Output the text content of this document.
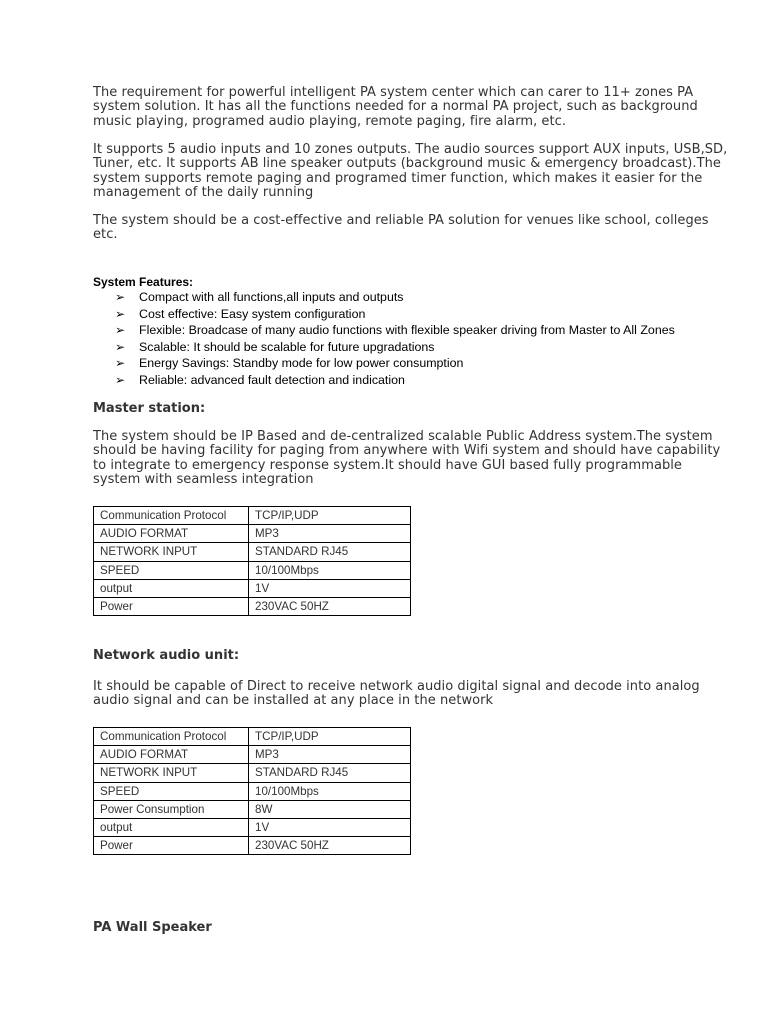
The requirement for powerful intelligent PA system center which can carer to 11+ zones PA system solution. It has all the functions needed for a normal PA project, such as background music playing, programed audio playing, remote paging, fire alarm, etc.

It supports 5 audio inputs and 10 zones outputs. The audio sources support AUX inputs, USB,SD, Tuner, etc. It supports AB line speaker outputs (background music & emergency broadcast).The system supports remote paging and programed timer function, which makes it easier for the management of the daily running

The system should be a cost-effective and reliable PA solution for venues like school, colleges etc.

System Features:

➢ Compact with all functions,all inputs and outputs
➢ Cost effective: Easy system configuration
➢ Flexible: Broadcase of many audio functions with flexible speaker driving from Master to All Zones
➢ Scalable: It should be scalable for future upgradations
➢ Energy Savings: Standby mode for low power consumption
➢ Reliable: advanced fault detection and indication

Master station:

The system should be IP Based and de-centralized scalable Public Address system.The system should be having facility for paging from anywhere with Wifi system and should have capability to integrate to emergency response system.It should have GUI based fully programmable system with seamless integration

Communication Protocol	TCP/IP,UDP
AUDIO FORMAT	MP3
NETWORK INPUT	STANDARD RJ45
SPEED	10/100Mbps
output	1V
Power	230VAC 50HZ

Network audio unit:

It should be capable of Direct to receive network audio digital signal and decode into analog audio signal and can be installed at any place in the network

Communication Protocol	TCP/IP,UDP
AUDIO FORMAT	MP3
NETWORK INPUT	STANDARD RJ45
SPEED	10/100Mbps
Power Consumption	8W
output	1V
Power	230VAC 50HZ

PA Wall Speaker
